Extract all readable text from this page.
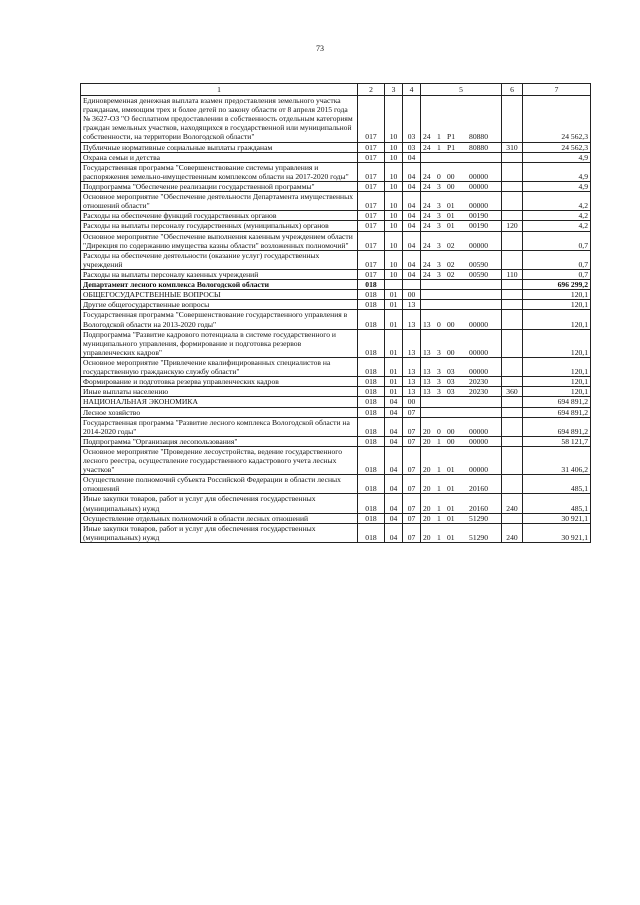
73
1	2	3	4	5	6	7
Единовременная денежная выплата взамен предоставления земельного участка гражданам, имеющим трех и более детей по закону области от 8 апреля 2015 года № 3627-ОЗ "О бесплатном предоставлении в собственность отдельным категориям граждан земельных участков, находящихся в государственной или муниципальной собственности, на территории Вологодской области"	017	10	03	24 1 P1 80880		24 562,3
Публичные нормативные социальные выплаты гражданам	017	10	03	24 1 P1 80880	310	24 562,3
Охрана семьи и детства	017	10	04			4,9
Государственная программа "Совершенствование системы управления и распоряжения земельно-имущественным комплексом области на 2017-2020 годы"	017	10	04	24 0 00 00000		4,9
Подпрограмма "Обеспечение реализации государственной программы"	017	10	04	24 3 00 00000		4,9
Основное мероприятие "Обеспечение деятельности Департамента имущественных отношений области"	017	10	04	24 3 01 00000		4,2
Расходы на обеспечение функций государственных органов	017	10	04	24 3 01 00190		4,2
Расходы на выплаты персоналу государственных (муниципальных) органов	017	10	04	24 3 01 00190	120	4,2
Основное мероприятие "Обеспечение выполнения казенным учреждением области "Дирекция по содержанию имущества казны области" возложенных полномочий"	017	10	04	24 3 02 00000		0,7
Расходы на обеспечение деятельности (оказание услуг) государственных учреждений	017	10	04	24 3 02 00590		0,7
Расходы на выплаты персоналу казенных учреждений	017	10	04	24 3 02 00590	110	0,7
Департамент лесного комплекса Вологодской области	018					696 299,2
ОБЩЕГОСУДАРСТВЕННЫЕ ВОПРОСЫ	018	01	00			120,1
Другие общегосударственные вопросы	018	01	13			120,1
Государственная программа "Совершенствование государственного управления в Вологодской области на 2013-2020 годы"	018	01	13	13 0 00 00000		120,1
Подпрограмма "Развитие кадрового потенциала в системе государственного и муниципального управления, формирование и подготовка резервов управленческих кадров"	018	01	13	13 3 00 00000		120,1
Основное мероприятие "Привлечение квалифицированных специалистов на государственную гражданскую службу области"	018	01	13	13 3 03 00000		120,1
Формирование и подготовка резерва управленческих кадров	018	01	13	13 3 03 20230		120,1
Иные выплаты населению	018	01	13	13 3 03 20230	360	120,1
НАЦИОНАЛЬНАЯ ЭКОНОМИКА	018	04	00			694 891,2
Лесное хозяйство	018	04	07			694 891,2
Государственная программа "Развитие лесного комплекса Вологодской области на 2014-2020 годы"	018	04	07	20 0 00 00000		694 891,2
Подпрограмма "Организация лесопользования"	018	04	07	20 1 00 00000		58 121,7
Основное мероприятие "Проведение лесоустройства, ведение государственного лесного реестра, осуществление государственного кадастрового учета лесных участков"	018	04	07	20 1 01 00000		31 406,2
Осуществление полномочий субъекта Российской Федерации в области лесных отношений	018	04	07	20 1 01 20160		485,1
Иные закупки товаров, работ и услуг для обеспечения государственных (муниципальных) нужд	018	04	07	20 1 01 20160	240	485,1
Осуществление отдельных полномочий в области лесных отношений	018	04	07	20 1 01 51290		30 921,1
Иные закупки товаров, работ и услуг для обеспечения государственных (муниципальных) нужд	018	04	07	20 1 01 51290	240	30 921,1
